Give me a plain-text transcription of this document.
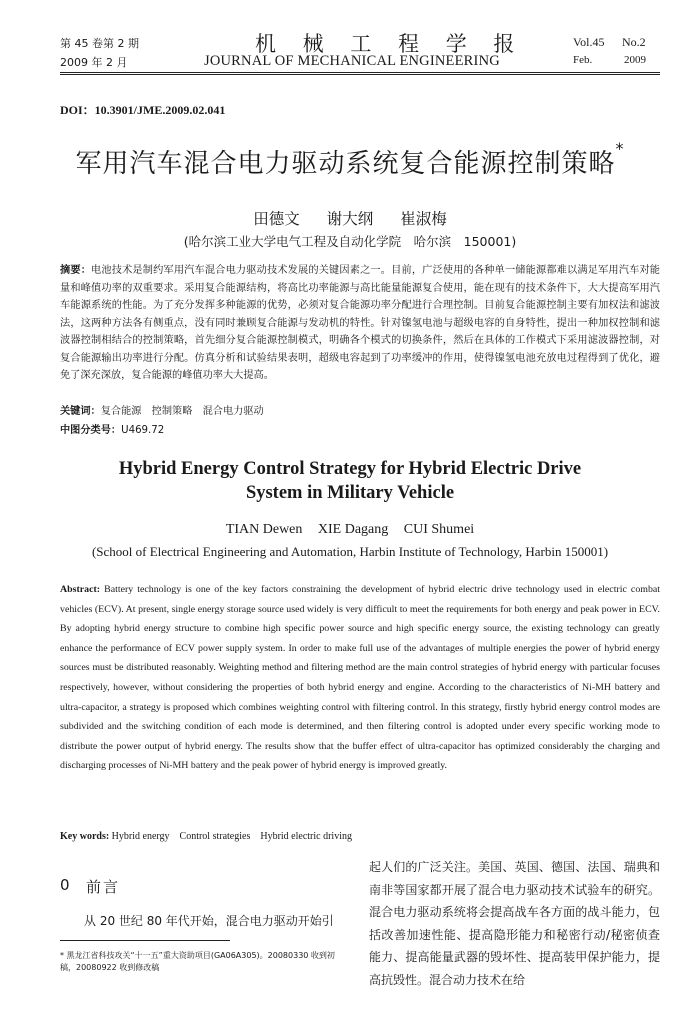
第 45 卷第 2 期
2009 年 2 月
机 械 工 程 学 报
JOURNAL OF MECHANICAL ENGINEERING
Vol.45 No.2
Feb.	2009
DOI：10.3901/JME.2009.02.041
军用汽车混合电力驱动系统复合能源控制策略*
田德文 谢大纲 崔淑梅
(哈尔滨工业大学电气工程及自动化学院　哈尔滨　150001)
摘要：电池技术是制约军用汽车混合电力驱动技术发展的关键因素之一。目前，广泛使用的各种单一储能源都难以满足军用汽车对能量和峰值功率的双重要求。采用复合能源结构，将高比功率能源与高比能量能源复合使用，能在现有的技术条件下，大大提高军用汽车能源系统的性能。为了充分发挥多种能源的优势，必须对复合能源功率分配进行合理控制。目前复合能源控制主要有加权法和滤波法，这两种方法各有侧重点，没有同时兼顾复合能源与发动机的特性。针对镍氢电池与超级电容的自身特性，提出一种加权控制和滤波器控制相结合的控制策略，首先细分复合能源控制模式，明确各个模式的切换条件，然后在具体的工作模式下采用滤波器控制，对复合能源输出功率进行分配。仿真分析和试验结果表明，超级电容起到了功率缓冲的作用，使得镍氢电池充放电过程得到了优化，避免了深充深放，复合能源的峰值功率大大提高。
关键词：复合能源　控制策略　混合电力驱动
中图分类号：U469.72
Hybrid Energy Control Strategy for Hybrid Electric Drive
System in Military Vehicle
TIAN Dewen XIE Dagang CUI Shumei
(School of Electrical Engineering and Automation, Harbin Institute of Technology, Harbin 150001)
Abstract: Battery technology is one of the key factors constraining the development of hybrid electric drive technology used in electric combat vehicles (ECV). At present, single energy storage source used widely is very difficult to meet the requirements for both energy and peak power in ECV. By adopting hybrid energy structure to combine high specific power source and high specific energy source, the existing technology can greatly enhance the performance of ECV power supply system. In order to make full use of the advantages of multiple energies the power of hybrid energy sources must be distributed reasonably. Weighting method and filtering method are the main control strategies of hybrid energy with particular focuses respectively, however, without considering the properties of both hybrid energy and engine. According to the characteristics of Ni-MH battery and ultra-capacitor, a strategy is proposed which combines weighting control with filtering control. In this strategy, firstly hybrid energy control modes are subdivided and the switching condition of each mode is determined, and then filtering control is adopted under every specific working mode to distribute the power output of hybrid energy. The results show that the buffer effect of ultra-capacitor has optimized considerably the charging and discharging processes of Ni-MH battery and the peak power of hybrid energy is improved greatly.
Key words: Hybrid energy　Control strategies　Hybrid electric driving
0 前言
从 20 世纪 80 年代开始，混合电力驱动开始引
* 黑龙江省科技攻关“十一五”重大资助项目(GA06A305)。20080330 收到初稿，20080922 收到修改稿
起人们的广泛关注。美国、英国、德国、法国、瑞典和南非等国家都开展了混合电力驱动技术试验车的研究。混合电力驱动系统将会提高战车各方面的战斗能力，包括改善加速性能、提高隐形能力和秘密行动/秘密侦查能力、提高能量武器的毁坏性、提高装甲保护能力，提高抗毁性。混合动力技术在给
